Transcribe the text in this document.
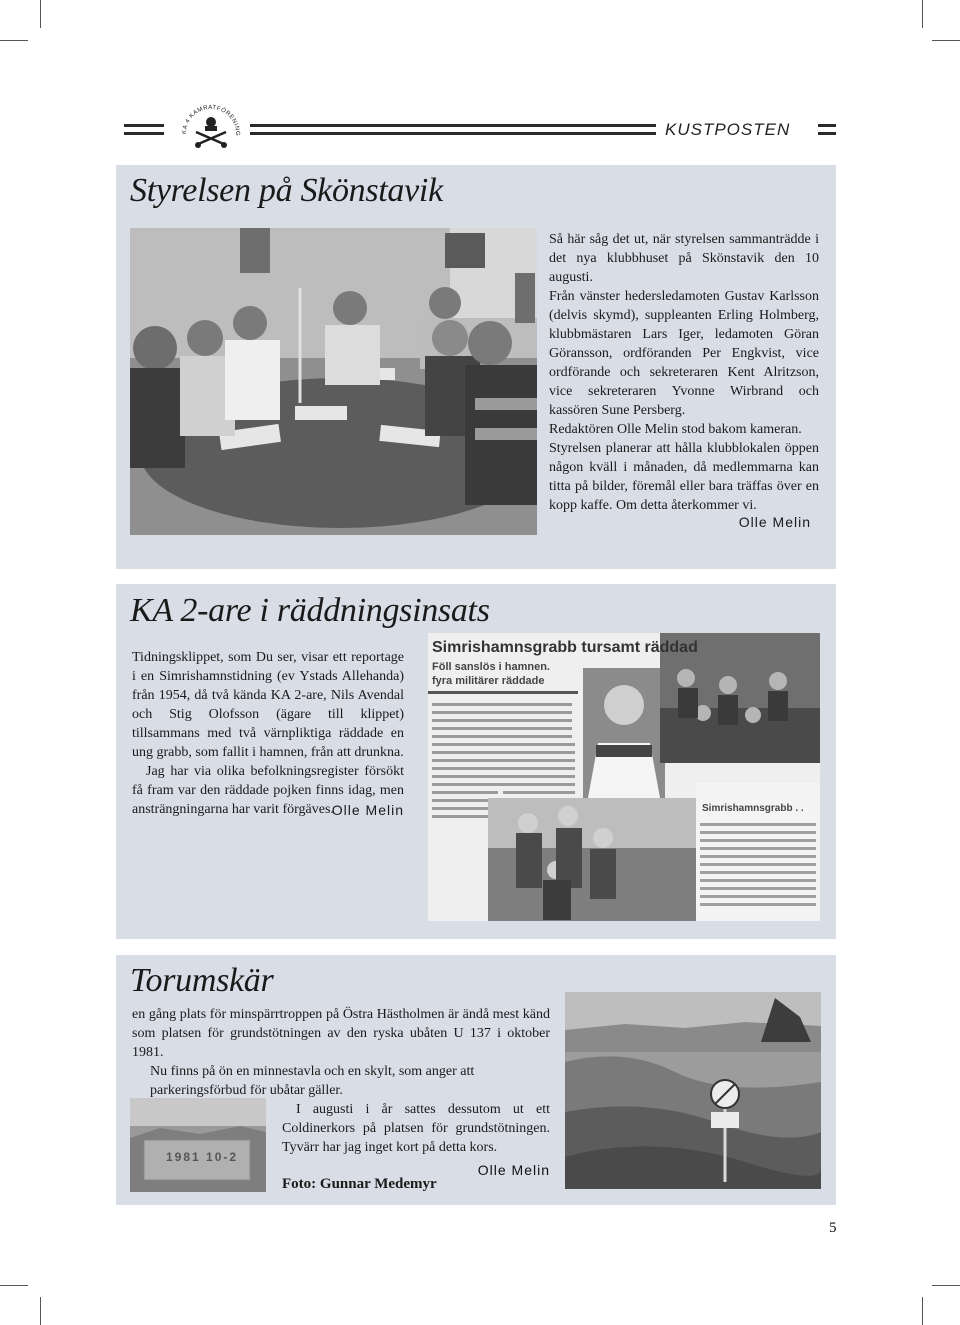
KA 4 KAMRATFÖRENING	KUSTPOSTEN
Styrelsen på Skönstavik

Så här såg det ut, när styrelsen sammanträdde i det nya klubbhuset på Skönstavik den 10 augusti.

Från vänster hedersledamoten Gustav Karlsson (delvis skymd), suppleanten Erling Holmberg, klubbmästaren Lars Iger, ledamoten Göran Göransson, ordföranden Per Engkvist, vice ordförande och sekreteraren Kent Alritzson, vice sekreteraren Yvonne Wirbrand och kassören Sune Persberg.

Redaktören Olle Melin stod bakom kameran.

Styrelsen planerar att hålla klubblokalen öppen någon kväll i månaden, då medlemmarna kan titta på bilder, föremål eller bara träffas över en kopp kaffe. Om detta återkommer vi.

Olle Melin
KA 2-are i räddningsinsats

Tidningsklippet, som Du ser, visar ett reportage i en Simrishamnstidning (ev Ystads Allehanda) från 1954, då två kända KA 2-are, Nils Avendal och Stig Olofsson (ägare till klippet) tillsammans med två värnpliktiga räddade en ung grabb, som fallit i hamnen, från att drunkna.

Jag har via olika befolkningsregister försökt få fram var den räddade pojken finns idag, men ansträngningarna har varit förgäves.

Olle Melin
Simrishamnsgrabb tursamt räddad
Föll sanslös i hamnen.
fyra militärer räddade
Simrishamnsgrabb . .
Torumskär

en gång plats för minspärrtroppen på Östra Hästholmen är ändå mest känd som platsen för grundstötningen av den ryska ubåten U 137 i oktober 1981.

Nu finns på ön en minnestavla och en skylt, som anger att parkeringsförbud för ubåtar gäller.

1981 10-2

I augusti i år sattes dessutom ut ett Coldinerkors på platsen för grundstötningen. Tyvärr har jag inget kort på detta kors.

Olle Melin
Foto: Gunnar Medemyr
5
